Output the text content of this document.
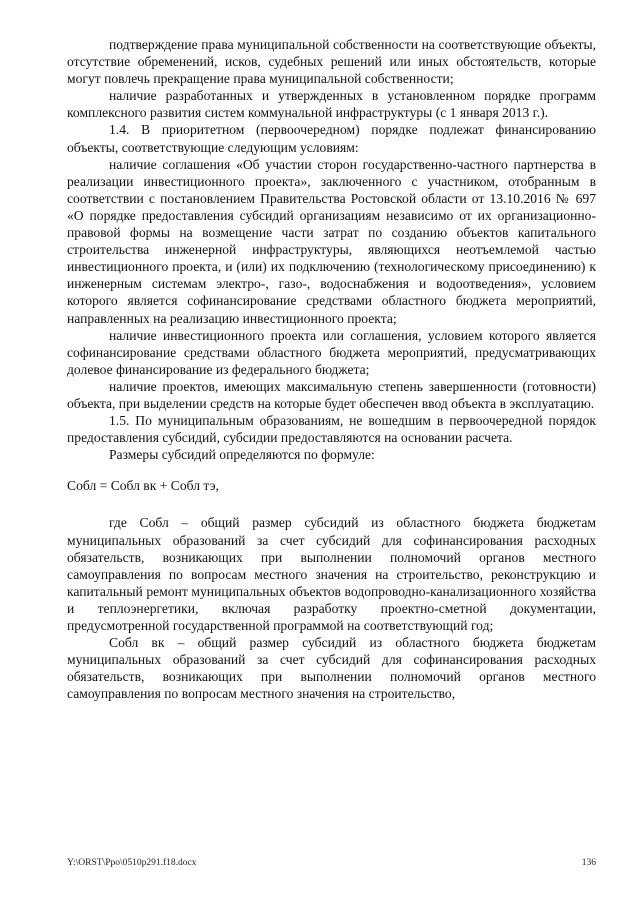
подтверждение права муниципальной собственности на соответствующие объекты, отсутствие обременений, исков, судебных решений или иных обстоятельств, которые могут повлечь прекращение права муниципальной собственности;

наличие разработанных и утвержденных в установленном порядке программ комплексного развития систем коммунальной инфраструктуры (с 1 января 2013 г.).

1.4. В приоритетном (первоочередном) порядке подлежат финансированию объекты, соответствующие следующим условиям:

наличие соглашения «Об участии сторон государственно-частного партнерства в реализации инвестиционного проекта», заключенного с участником, отобранным в соответствии с постановлением Правительства Ростовской области от 13.10.2016 № 697 «О порядке предоставления субсидий организациям независимо от их организационно-правовой формы на возмещение части затрат по созданию объектов капитального строительства инженерной инфраструктуры, являющихся неотъемлемой частью инвестиционного проекта, и (или) их подключению (технологическому присоединению) к инженерным системам электро-, газо-, водоснабжения и водоотведения», условием которого является софинансирование средствами областного бюджета мероприятий, направленных на реализацию инвестиционного проекта;

наличие инвестиционного проекта или соглашения, условием которого является софинансирование средствами областного бюджета мероприятий, предусматривающих долевое финансирование из федерального бюджета;

наличие проектов, имеющих максимальную степень завершенности (готовности) объекта, при выделении средств на которые будет обеспечен ввод объекта в эксплуатацию.

1.5. По муниципальным образованиям, не вошедшим в первоочередной порядок предоставления субсидий, субсидии предоставляются на основании расчета.

Размеры субсидий определяются по формуле:

Собл = Собл вк + Собл тэ,

где Собл – общий размер субсидий из областного бюджета бюджетам муниципальных образований за счет субсидий для софинансирования расходных обязательств, возникающих при выполнении полномочий органов местного самоуправления по вопросам местного значения на строительство, реконструкцию и капитальный ремонт муниципальных объектов водопроводно-канализационного хозяйства и теплоэнергетики, включая разработку проектно-сметной документации, предусмотренной государственной программой на соответствующий год;

Собл вк – общий размер субсидий из областного бюджета бюджетам муниципальных образований за счет субсидий для софинансирования расходных обязательств, возникающих при выполнении полномочий органов местного самоуправления по вопросам местного значения на строительство,

Y:\ORST\Ppo\0510p291.f18.docx	136
